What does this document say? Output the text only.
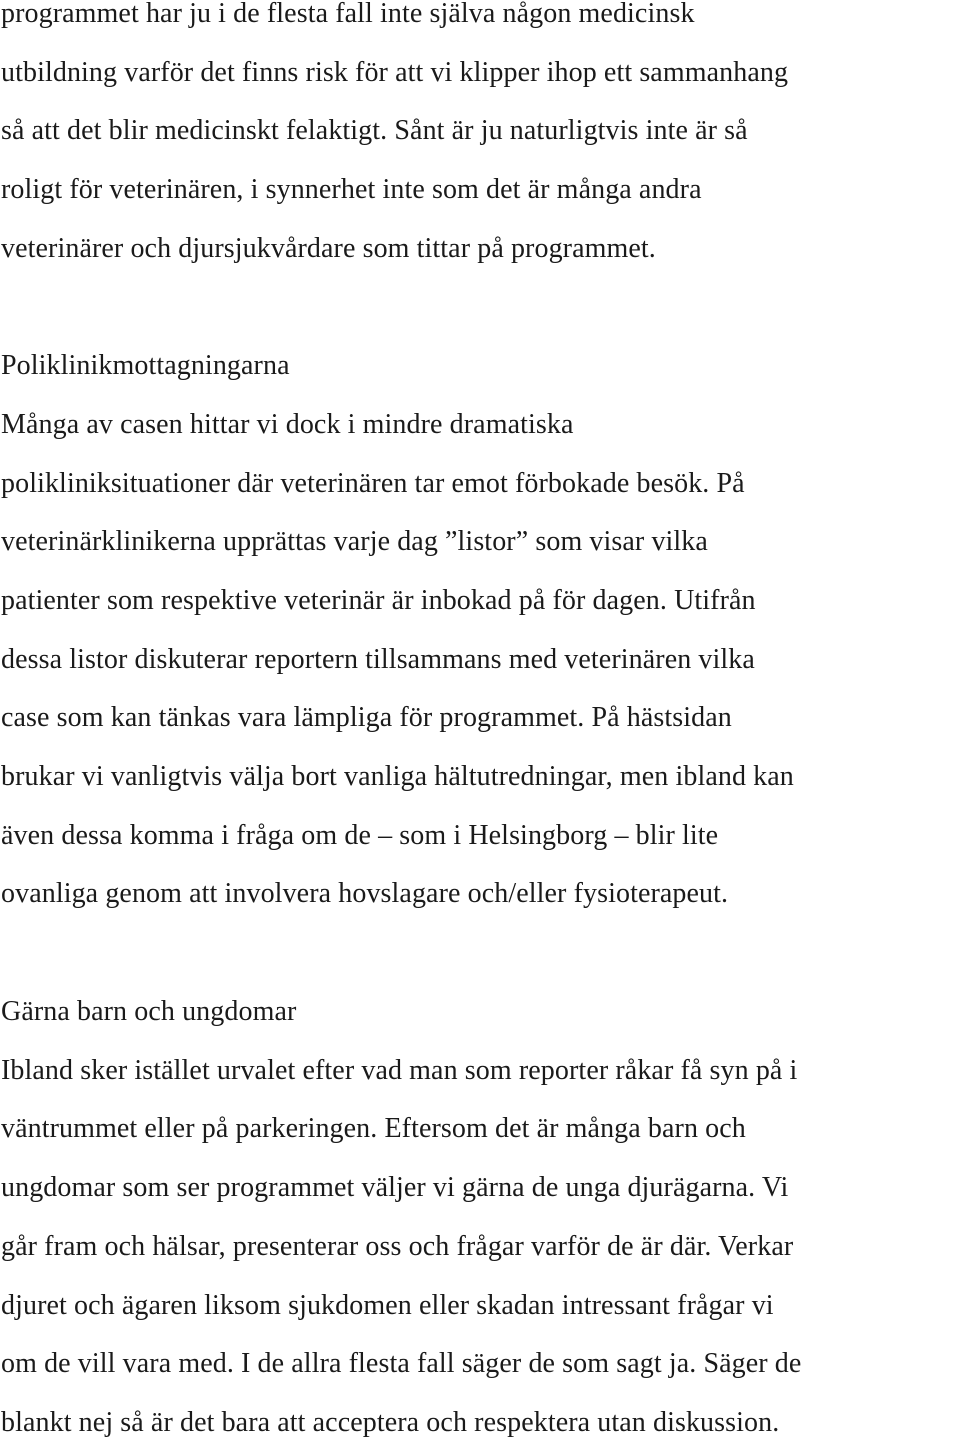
programmet har ju i de flesta fall inte själva någon medicinsk
utbildning varför det finns risk för att vi klipper ihop ett sammanhang
så att det blir medicinskt felaktigt. Sånt är ju naturligtvis inte är så
roligt för veterinären, i synnerhet inte som det är många andra
veterinärer och djursjukvårdare som tittar på programmet.
Poliklinikmottagningarna
Många av casen hittar vi dock i mindre dramatiska
polikliniksituationer där veterinären tar emot förbokade besök. På
veterinärklinikerna upprättas varje dag ”listor” som visar vilka
patienter som respektive veterinär är inbokad på för dagen. Utifrån
dessa listor diskuterar reportern tillsammans med veterinären vilka
case som kan tänkas vara lämpliga för programmet. På hästsidan
brukar vi vanligtvis välja bort vanliga hältutredningar, men ibland kan
även dessa komma i fråga om de – som i Helsingborg – blir lite
ovanliga genom att involvera hovslagare och/eller fysioterapeut.
Gärna barn och ungdomar
Ibland sker istället urvalet efter vad man som reporter råkar få syn på i
väntrummet eller på parkeringen. Eftersom det är många barn och
ungdomar som ser programmet väljer vi gärna de unga djurägarna. Vi
går fram och hälsar, presenterar oss och frågar varför de är där. Verkar
djuret och ägaren liksom sjukdomen eller skadan intressant frågar vi
om de vill vara med. I de allra flesta fall säger de som sagt ja. Säger de
blankt nej så är det bara att acceptera och respektera utan diskussion.
